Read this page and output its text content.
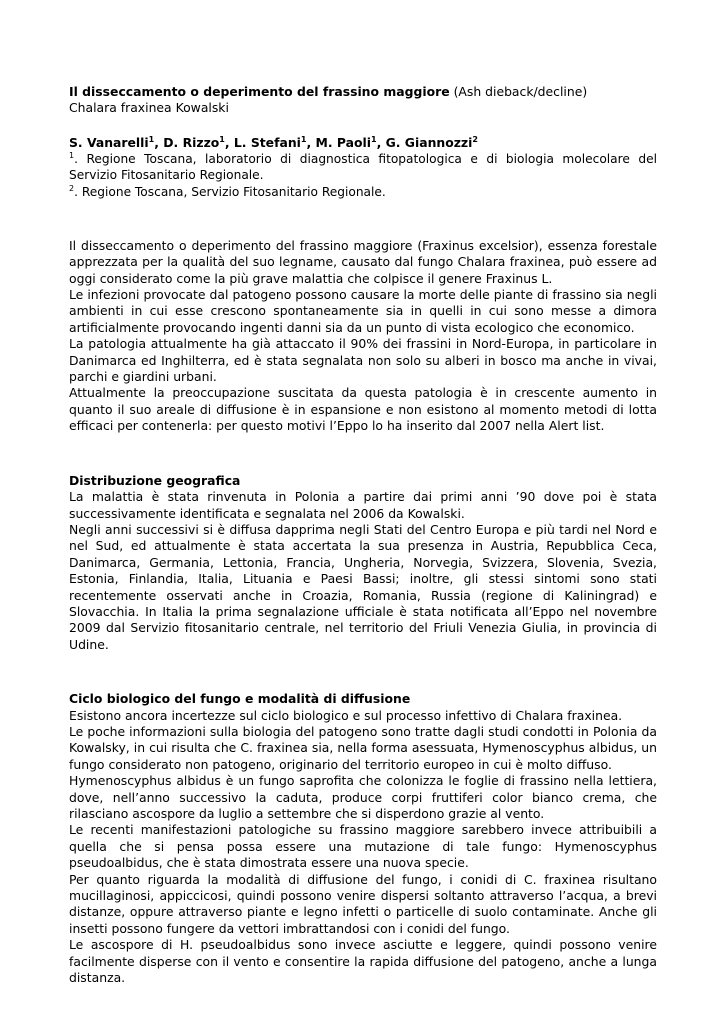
Il disseccamento o deperimento del frassino maggiore (Ash dieback/decline)

Chalara fraxinea Kowalski

S. Vanarelli$^1$, D. Rizzo$^1$, L. Stefani$^1$, M. Paoli$^1$, G. Giannozzi$^2$

$^1$. Regione Toscana, laboratorio di diagnostica fitopatologica e di biologia molecolare del Servizio Fitosanitario Regionale.

$^2$. Regione Toscana, Servizio Fitosanitario Regionale.

Il disseccamento o deperimento del frassino maggiore (Fraxinus excelsior), essenza forestale apprezzata per la qualità del suo legname, causato dal fungo Chalara fraxinea, può essere ad oggi considerato come la più grave malattia che colpisce il genere Fraxinus L.

Le infezioni provocate dal patogeno possono causare la morte delle piante di frassino sia negli ambienti in cui esse crescono spontaneamente sia in quelli in cui sono messe a dimora artificialmente provocando ingenti danni sia da un punto di vista ecologico che economico.

La patologia attualmente ha già attaccato il 90% dei frassini in Nord-Europa, in particolare in Danimarca ed Inghilterra, ed è stata segnalata non solo su alberi in bosco ma anche in vivai, parchi e giardini urbani.

Attualmente la preoccupazione suscitata da questa patologia è in crescente aumento in quanto il suo areale di diffusione è in espansione e non esistono al momento metodi di lotta efficaci per contenerla: per questo motivi l’Eppo lo ha inserito dal 2007 nella Alert list.

Distribuzione geografica

La malattia è stata rinvenuta in Polonia a partire dai primi anni ’90 dove poi è stata successivamente identificata e segnalata nel 2006 da Kowalski.

Negli anni successivi si è diffusa dapprima negli Stati del Centro Europa e più tardi nel Nord e nel Sud, ed attualmente è stata accertata la sua presenza in Austria, Repubblica Ceca, Danimarca, Germania, Lettonia, Francia, Ungheria, Norvegia, Svizzera, Slovenia, Svezia, Estonia, Finlandia, Italia, Lituania e Paesi Bassi; inoltre, gli stessi sintomi sono stati recentemente osservati anche in Croazia, Romania, Russia (regione di Kaliningrad) e Slovacchia. In Italia la prima segnalazione ufficiale è stata notificata all’Eppo nel novembre 2009 dal Servizio fitosanitario centrale, nel territorio del Friuli Venezia Giulia, in provincia di Udine.

Ciclo biologico del fungo e modalità di diffusione

Esistono ancora incertezze sul ciclo biologico e sul processo infettivo di Chalara fraxinea.

Le poche informazioni sulla biologia del patogeno sono tratte dagli studi condotti in Polonia da Kowalsky, in cui risulta che C. fraxinea sia, nella forma asessuata, Hymenoscyphus albidus, un fungo considerato non patogeno, originario del territorio europeo in cui è molto diffuso.

Hymenoscyphus albidus è un fungo saprofita che colonizza le foglie di frassino nella lettiera, dove, nell’anno successivo la caduta, produce corpi fruttiferi color bianco crema, che rilasciano ascospore da luglio a settembre che si disperdono grazie al vento.

Le recenti manifestazioni patologiche su frassino maggiore sarebbero invece attribuibili a quella che si pensa possa essere una mutazione di tale fungo: Hymenoscyphus pseudoalbidus, che è stata dimostrata essere una nuova specie.

Per quanto riguarda la modalità di diffusione del fungo, i conidi di C. fraxinea risultano mucillaginosi, appiccicosi, quindi possono venire dispersi soltanto attraverso l’acqua, a brevi distanze, oppure attraverso piante e legno infetti o particelle di suolo contaminate. Anche gli insetti possono fungere da vettori imbrattandosi con i conidi del fungo.

Le ascospore di H. pseudoalbidus sono invece asciutte e leggere, quindi possono venire facilmente disperse con il vento e consentire la rapida diffusione del patogeno, anche a lunga distanza.
